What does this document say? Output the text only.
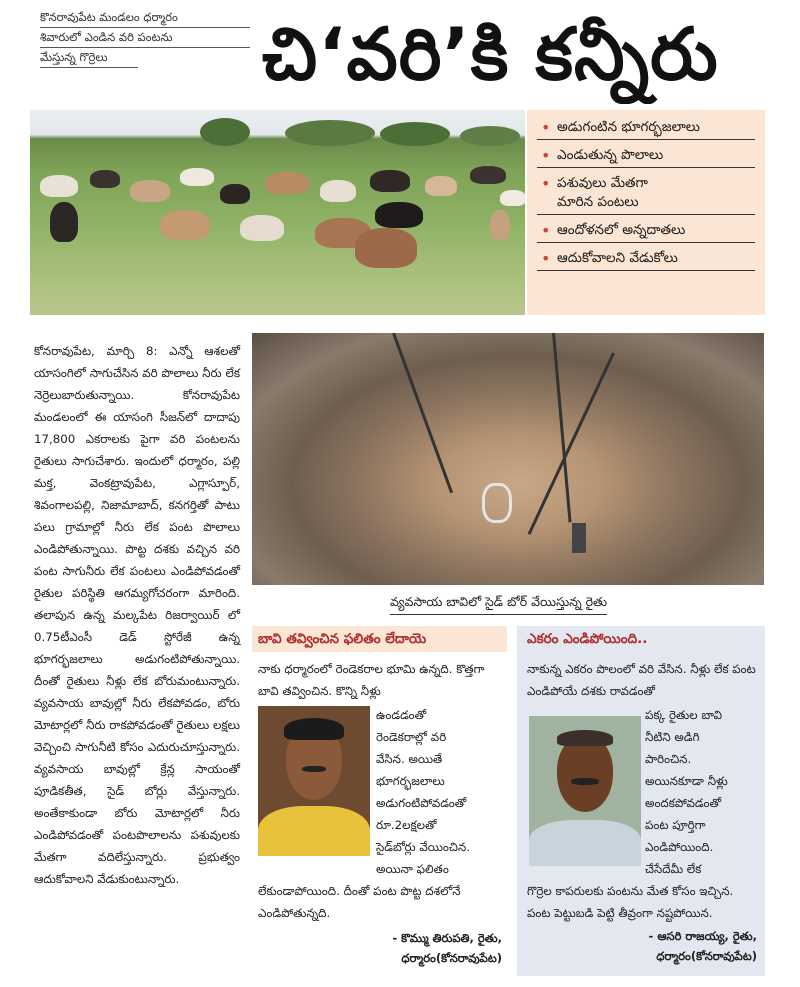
కొనరావుపేట మండలం ధర్మారం
శివారులో ఎండిన వరి పంటను
మేస్తున్న గొర్రెలు	చి‘వరి’కి కన్నీరు
• అడుగంటిన భూగర్భజలాలు
• ఎండుతున్న పొలాలు
• పశువులు మేతగా
మారిన పంటలు
• ఆందోళనలో అన్నదాతలు
• ఆదుకోవాలని వేడుకోలు

కోనరావుపేట, మార్చి 8: ఎన్నో ఆశలతో యాసంగిలో సాగుచేసిన వరి పొలాలు నీరు లేక నెర్రెలుబారుతున్నాయి. కోనరావుపేట మండలంలో ఈ యాసంగి సీజన్‌లో దాదాపు 17,800 ఎకరాలకు పైగా వరి పంటలను రైతులు సాగుచేశారు. ఇందులో ధర్మారం, పల్లి మక్త, వెంకట్రావుపేట, ఎగ్లాస్పూర్, శివంగాలపల్లి, నిజామాబాద్, కనగర్తితో పాటు పలు గ్రామాల్లో నీరు లేక పంట పొలాలు ఎండిపోతున్నాయి. పొట్ట దశకు వచ్చిన వరి పంట సాగునీరు లేక పంటలు ఎండిపోవడంతో రైతుల పరిస్థితి ఆగమ్యగోచరంగా మారింది. తలాపున ఉన్న మల్కపేట రిజర్వాయిర్ లో 0.75టీఎంసీ డెడ్ స్టోరేజీ ఉన్న భూగర్భజలాలు అడుగంటిపోతున్నాయి. దీంతో రైతులు నీళ్లు లేక బోరుమంటున్నారు. వ్యవసాయ బావుల్లో నీరు లేకపోవడం, బోరు మోటార్లలో నీరు రాకపోవడంతో రైతులు లక్షలు వెచ్చించి సాగునీటి కోసం ఎదురుచూస్తున్నారు. వ్యవసాయ బావుల్లో క్రేన్ల సాయంతో పూడికతీత, సైడ్ బోర్లు వేస్తున్నారు. అంతేకాకుండా బోరు మోటార్లలో నీరు ఎండిపోవడంతో పంటపొలాలను పశువులకు మేతగా వదిలేస్తున్నారు. ప్రభుత్వం ఆదుకోవాలని వేడుకుంటున్నారు.

వ్యవసాయ బావిలో సైడ్ బోర్ వేయిస్తున్న రైతు
బావి తవ్వించిన ఫలితం లేదాయె
నాకు ధర్మారంలో రెండెకరాల భూమి ఉన్నది. కొత్తగా బావి తవ్వించిన. కొన్ని నీళ్లు
ఉండడంతో
రెండెకరాల్లో వరి
వేసిన. అయితే
భూగర్భజలాలు
అడుగంటిపోవడంతో
రూ.2లక్షలతో
సైడ్‌బోర్లు వేయించిన.
అయినా ఫలితం
లేకుండాపోయింది. దీంతో పంట పొట్ట దశలోనే ఎండిపోతున్నది.
- కొమ్ము తిరుపతి, రైతు,
ధర్మారం(కోనరావుపేట)
ఎకరం ఎండిపోయింది..
నాకున్న ఎకరం పొలంలో వరి వేసిన. నీళ్లు లేక పంట ఎండిపోయే దశకు రావడంతో
పక్క రైతుల బావి
నీటిని అడిగి
పారించిన.
అయినకూడా నీళ్లు
అందకపోవడంతో
పంట పూర్తిగా
ఎండిపోయింది.
చేసేదేమీ లేక
గొర్రెల కాపరులకు పంటను మేత కోసం ఇచ్చిన. పంట పెట్టుబడి పెట్టి తీవ్రంగా నష్టపోయిన.
- ఆసరి రాజయ్య, రైతు,
ధర్మారం(కోనరావుపేట)
